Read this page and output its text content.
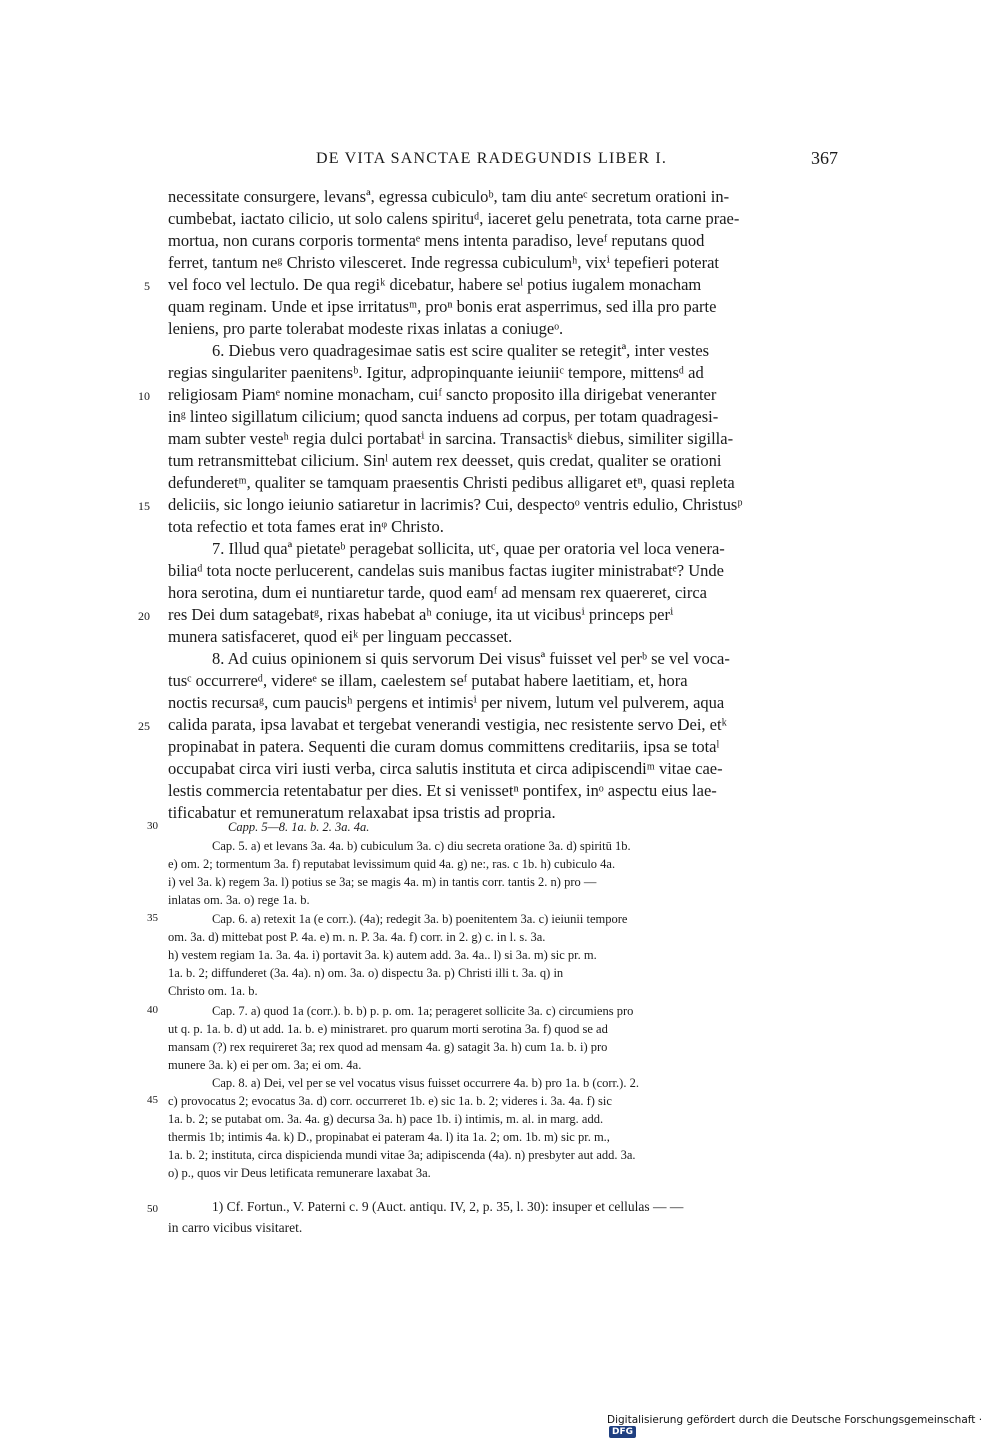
DE VITA SANCTAE RADEGUNDIS LIBER I.	367
necessitate consurgere, levansª, egressa cubiculoᵇ, tam diu anteᶜ secretum orationi in-
cumbebat, iactato cilicio, ut solo calens spirituᵈ, iaceret gelu penetrata, tota carne prae-
mortua, non curans corporis tormentaᵉ mens intenta paradiso, leveᶠ reputans quod
ferret, tantum neᵍ Christo vilesceret. Inde regressa cubiculumʰ, vixⁱ tepefieri poterat
vel foco vel lectulo. De qua regiᵏ dicebatur, habere seˡ potius iugalem monacham
quam reginam. Unde et ipse irritatusᵐ, proⁿ bonis erat asperrimus, sed illa pro parte
leniens, pro parte tolerabat modeste rixas inlatas a coniugeᵒ.
6. Diebus vero quadragesimae satis est scire qualiter se retegitª, inter vestes
regias singulariter paenitensᵇ. Igitur, adpropinquante ieiuniiᶜ tempore, mittensᵈ ad
religiosam Piamᵉ nomine monacham, cuiᶠ sancto proposito illa dirigebat veneranter
inᵍ linteo sigillatum cilicium; quod sancta induens ad corpus, per totam quadragesi-
mam subter vesteʰ regia dulci portabatⁱ in sarcina. Transactisᵏ diebus, similiter sigilla-
tum retransmittebat cilicium. Sinˡ autem rex deesset, quis credat, qualiter se orationi
defunderetᵐ, qualiter se tamquam praesentis Christi pedibus alligaret etⁿ, quasi repleta
deliciis, sic longo ieiunio satiaretur in lacrimis? Cui, despectoᵒ ventris edulio, Christusᵖ
tota refectio et tota fames erat inᵠ Christo.
7. Illud quaª pietateᵇ peragebat sollicita, utᶜ, quae per oratoria vel loca venera-
biliaᵈ tota nocte perlucerent, candelas suis manibus factas iugiter ministrabatᵉ? Unde
hora serotina, dum ei nuntiaretur tarde, quod eamᶠ ad mensam rex quaereret, circa
res Dei dum satagebatᵍ, rixas habebat aʰ coniuge, ita ut vicibusⁱ princeps perⁱ
munera satisfaceret, quod eiᵏ per linguam peccasset.
8. Ad cuius opinionem si quis servorum Dei visusª fuisset vel perᵇ se vel voca-
tusᶜ occurrereᵈ, videreᵉ se illam, caelestem seᶠ putabat habere laetitiam, et, hora
noctis recursaᵍ, cum paucisʰ pergens et intimisⁱ per nivem, lutum vel pulverem, aqua
calida parata, ipsa lavabat et tergebat venerandi vestigia, nec resistente servo Dei, etᵏ
propinabat in patera. Sequenti die curam domus committens creditariis, ipsa se totaˡ
occupabat circa viri iusti verba, circa salutis instituta et circa adipiscendiᵐ vitae cae-
lestis commercia retentabatur per dies. Et si venissetⁿ pontifex, inᵒ aspectu eius lae-
tificabatur et remuneratum relaxabat ipsa tristis ad propria.
5
10
15
20
25
Capp. 5—8. 1a. b. 2. 3a. 4a.
Cap. 5. a) et levans 3a. 4a. b) cubiculum 3a. c) diu secreta oratione 3a. d) spiritū 1b.
e) om. 2; tormentum 3a. f) reputabat levissimum quid 4a. g) ne:, ras. c 1b. h) cubiculo 4a.
i) vel 3a. k) regem 3a. l) potius se 3a; se magis 4a. m) in tantis corr. tantis 2. n) pro —
inlatas om. 3a. o) rege 1a. b.
Cap. 6. a) retexit 1a (e corr.). (4a); redegit 3a. b) poenitentem 3a. c) ieiunii tempore
om. 3a. d) mittebat post P. 4a. e) m. n. P. 3a. 4a. f) corr. in 2. g) c. in l. s. 3a.
h) vestem regiam 1a. 3a. 4a. i) portavit 3a. k) autem add. 3a. 4a.. l) si 3a. m) sic pr. m.
1a. b. 2; diffunderet (3a. 4a). n) om. 3a. o) dispectu 3a. p) Christi illi t. 3a. q) in
Christo om. 1a. b.
Cap. 7. a) quod 1a (corr.). b. b) p. p. om. 1a; perageret sollicite 3a. c) circumiens pro
ut q. p. 1a. b. d) ut add. 1a. b. e) ministraret. pro quarum morti serotina 3a. f) quod se ad
mansam (?) rex requireret 3a; rex quod ad mensam 4a. g) satagit 3a. h) cum 1a. b. i) pro
munere 3a. k) ei per om. 3a; ei om. 4a.
Cap. 8. a) Dei, vel per se vel vocatus visus fuisset occurrere 4a. b) pro 1a. b (corr.). 2.
c) provocatus 2; evocatus 3a. d) corr. occurreret 1b. e) sic 1a. b. 2; videres i. 3a. 4a. f) sic
1a. b. 2; se putabat om. 3a. 4a. g) decursa 3a. h) pace 1b. i) intimis, m. al. in marg. add.
thermis 1b; intimis 4a. k) D., propinabat ei pateram 4a. l) ita 1a. 2; om. 1b. m) sic pr. m.,
1a. b. 2; instituta, circa dispicienda mundi vitae 3a; adipiscenda (4a). n) presbyter aut add. 3a.
o) p., quos vir Deus letificata remunerare laxabat 3a.
1) Cf. Fortun., V. Paterni c. 9 (Auct. antiqu. IV, 2, p. 35, l. 30): insuper et cellulas — —
in carro vicibus visitaret.
30
35
40
45
50
Digitalisierung gefördert durch die Deutsche Forschungsgemeinschaft · DFG
